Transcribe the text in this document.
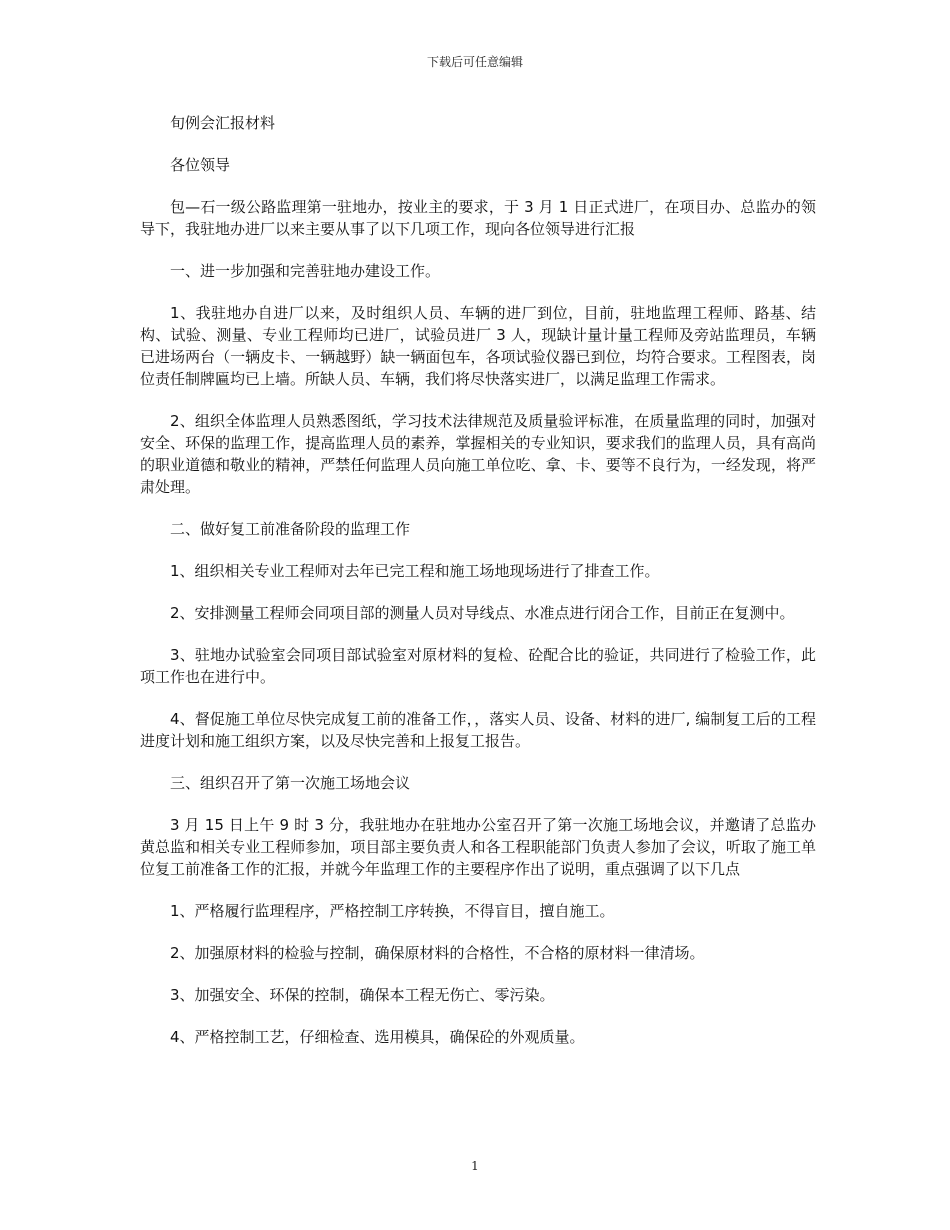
下载后可任意编辑

旬例会汇报材料

各位领导

包—石一级公路监理第一驻地办，按业主的要求，于 3 月 1 日正式进厂，在项目办、总监办的领导下，我驻地办进厂以来主要从事了以下几项工作，现向各位领导进行汇报

一、进一步加强和完善驻地办建设工作。

1、我驻地办自进厂以来，及时组织人员、车辆的进厂到位，目前，驻地监理工程师、路基、结构、试验、测量、专业工程师均已进厂，试验员进厂 3 人，现缺计量计量工程师及旁站监理员，车辆已进场两台（一辆皮卡、一辆越野）缺一辆面包车，各项试验仪器已到位，均符合要求。工程图表，岗位责任制牌匾均已上墙。所缺人员、车辆，我们将尽快落实进厂，以满足监理工作需求。

2、组织全体监理人员熟悉图纸，学习技术法律规范及质量验评标准，在质量监理的同时，加强对安全、环保的监理工作，提高监理人员的素养，掌握相关的专业知识，要求我们的监理人员，具有高尚的职业道德和敬业的精神，严禁任何监理人员向施工单位吃、拿、卡、要等不良行为，一经发现，将严肃处理。

二、做好复工前准备阶段的监理工作

1、组织相关专业工程师对去年已完工程和施工场地现场进行了排查工作。

2、安排测量工程师会同项目部的测量人员对导线点、水准点进行闭合工作，目前正在复测中。

3、驻地办试验室会同项目部试验室对原材料的复检、砼配合比的验证，共同进行了检验工作，此项工作也在进行中。

4、督促施工单位尽快完成复工前的准备工作，，落实人员、设备、材料的进厂, 编制复工后的工程进度计划和施工组织方案，以及尽快完善和上报复工报告。

三、组织召开了第一次施工场地会议

3 月 15 日上午 9 时 3 分，我驻地办在驻地办公室召开了第一次施工场地会议，并邀请了总监办黄总监和相关专业工程师参加，项目部主要负责人和各工程职能部门负责人参加了会议，听取了施工单位复工前准备工作的汇报，并就今年监理工作的主要程序作出了说明，重点强调了以下几点

1、严格履行监理程序，严格控制工序转换，不得盲目，擅自施工。

2、加强原材料的检验与控制，确保原材料的合格性，不合格的原材料一律清场。

3、加强安全、环保的控制，确保本工程无伤亡、零污染。

4、严格控制工艺，仔细检查、选用模具，确保砼的外观质量。

1
